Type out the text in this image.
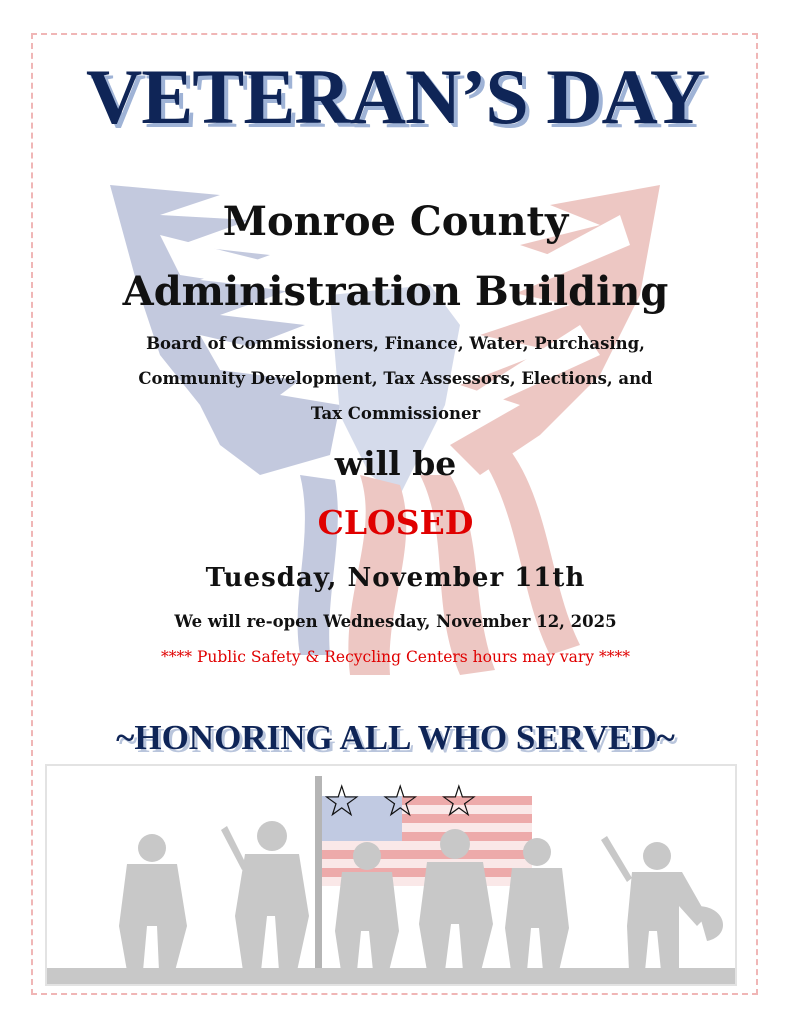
VETERAN’S DAY
Monroe County
Administration Building
Board of Commissioners, Finance, Water, Purchasing,
Community Development, Tax Assessors, Elections, and
Tax Commissioner
will be
CLOSED
Tuesday, November 11th
We will re-open Wednesday, November 12, 2025
**** Public Safety & Recycling Centers hours may vary ****
~HONORING ALL WHO SERVED~
☆ ☆ ☆
